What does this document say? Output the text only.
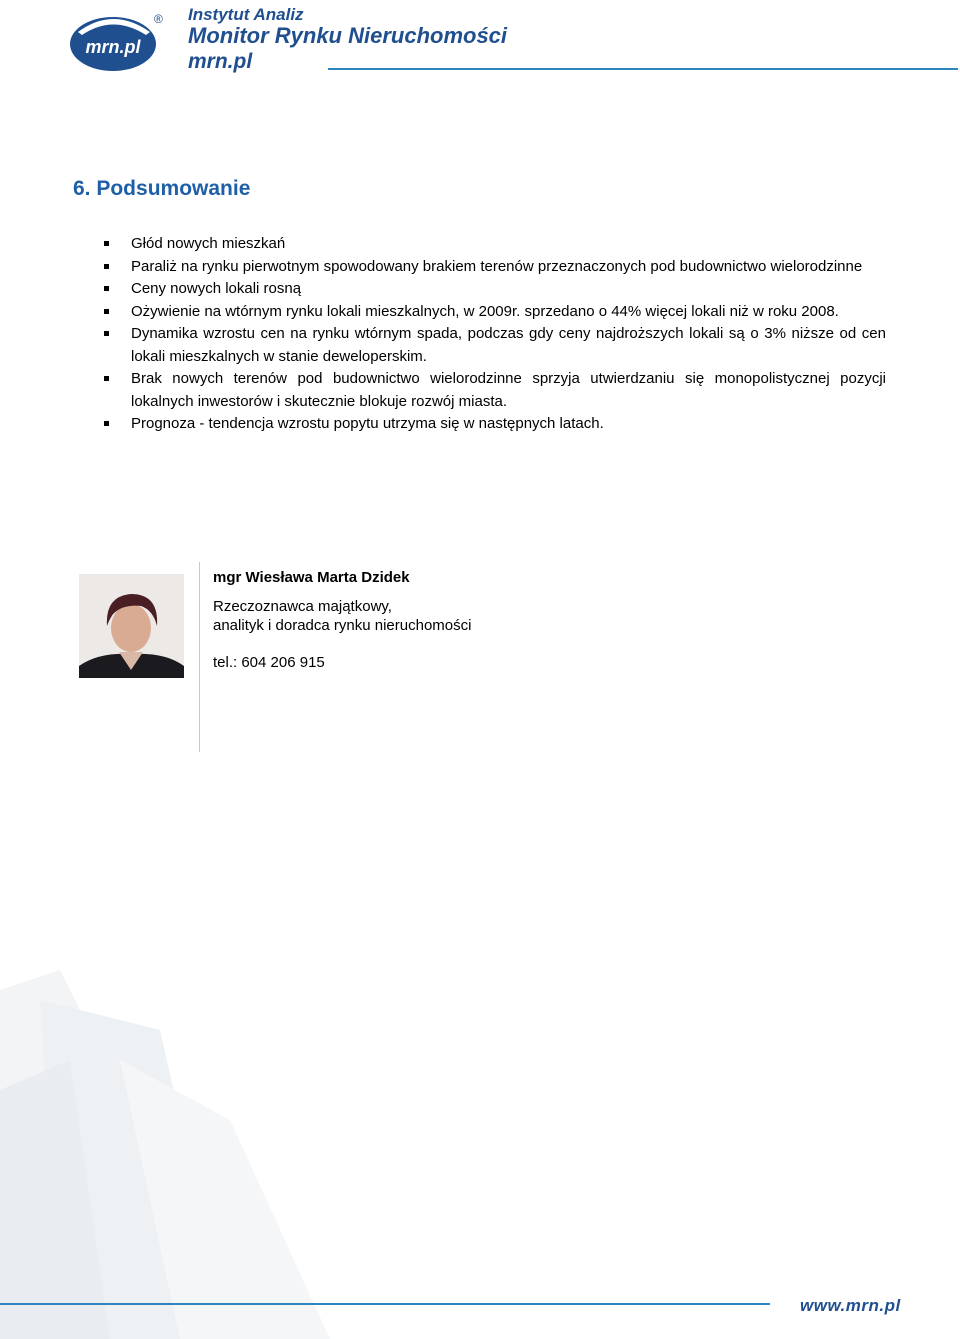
mrn.pl
® Instytut Analiz
Monitor Rynku Nieruchomości
mrn.pl
6. Podsumowanie
Głód nowych mieszkań
Paraliż na rynku pierwotnym spowodowany brakiem terenów przeznaczonych pod budownictwo wielorodzinne
Ceny nowych lokali rosną
Ożywienie na wtórnym rynku lokali mieszkalnych, w 2009r. sprzedano o 44% więcej lokali niż w roku 2008.
Dynamika wzrostu cen na rynku wtórnym spada, podczas gdy ceny najdroższych lokali są o 3% niższe od cen lokali mieszkalnych w stanie deweloperskim.
Brak nowych terenów pod budownictwo wielorodzinne sprzyja utwierdzaniu się monopolistycznej pozycji lokalnych inwestorów i skutecznie blokuje rozwój miasta.
Prognoza - tendencja wzrostu popytu utrzyma się w następnych latach.
mgr Wiesława Marta Dzidek
Rzeczoznawca majątkowy,
analityk i doradca rynku nieruchomości
tel.: 604 206 915
www.mrn.pl
